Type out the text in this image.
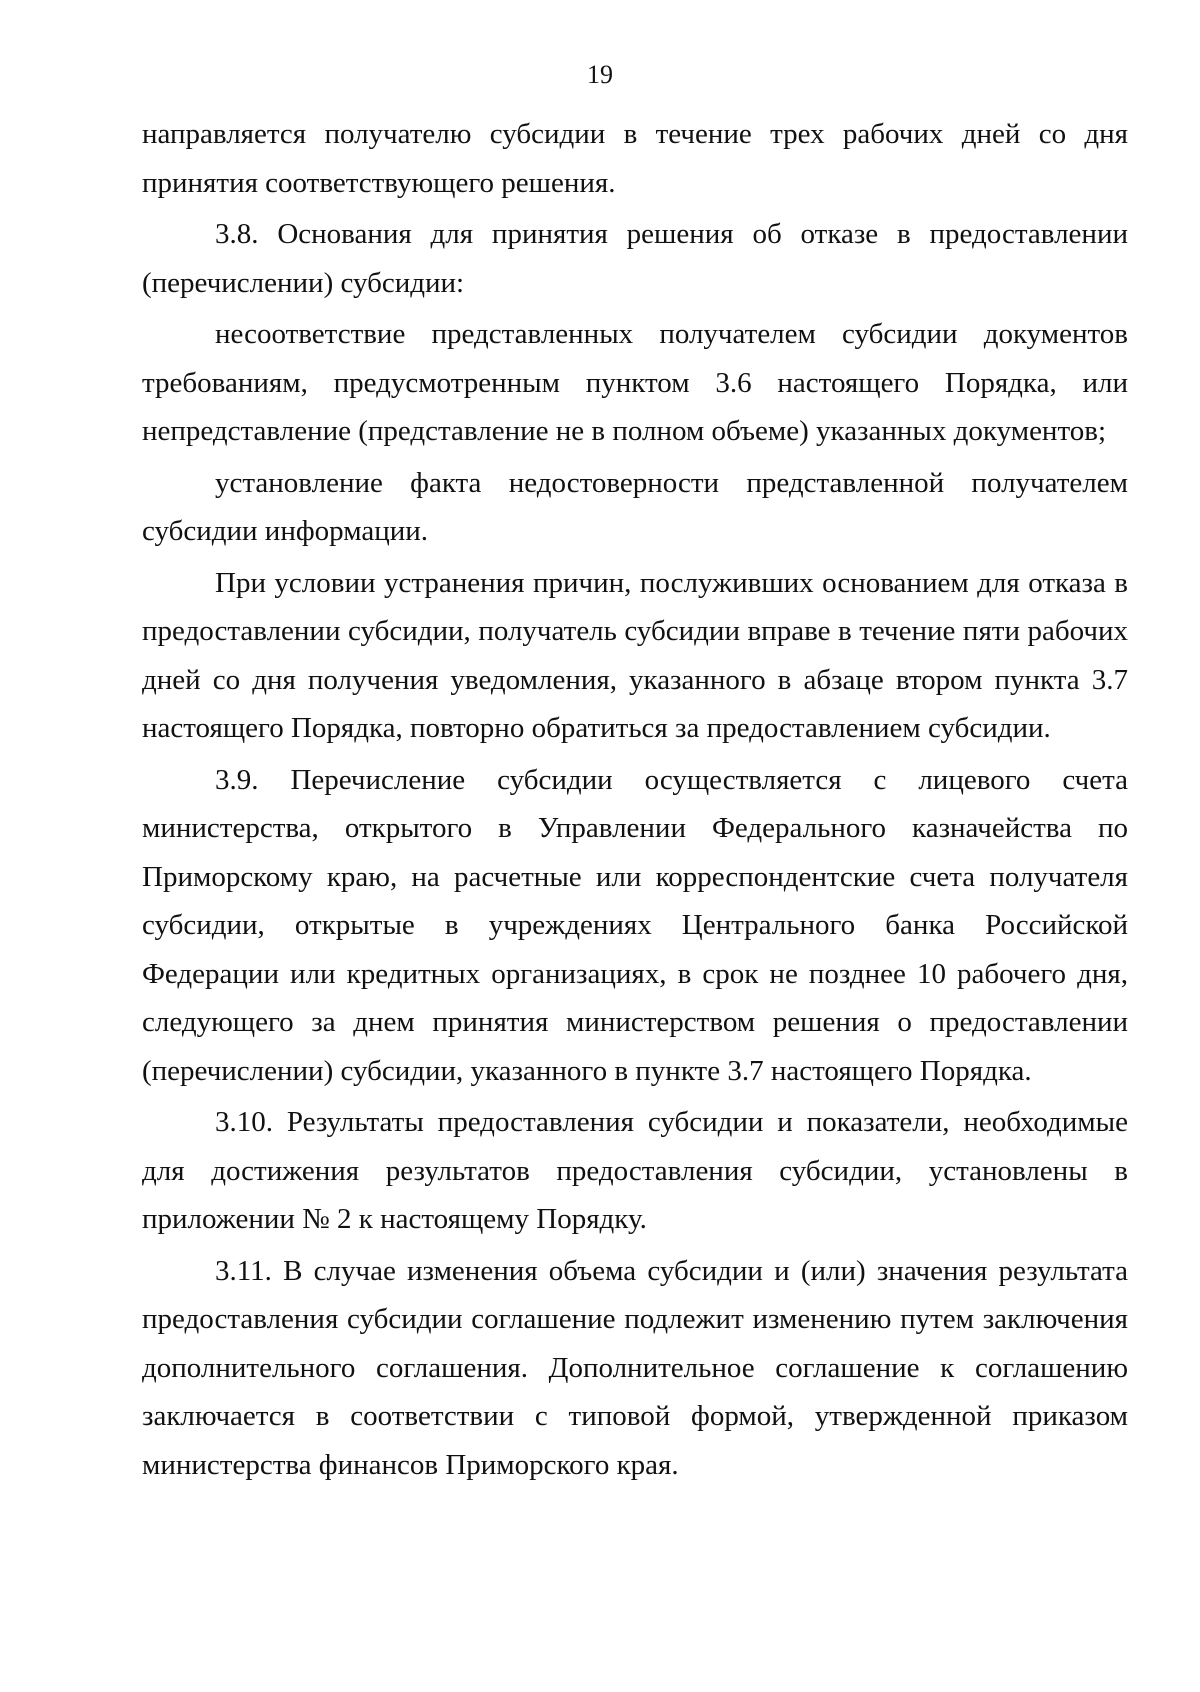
19

направляется получателю субсидии в течение трех рабочих дней со дня принятия соответствующего решения.

3.8. Основания для принятия решения об отказе в предоставлении (перечислении) субсидии:

несоответствие представленных получателем субсидии документов требованиям, предусмотренным пунктом 3.6 настоящего Порядка, или непредставление (представление не в полном объеме) указанных документов;

установление факта недостоверности представленной получателем субсидии информации.

При условии устранения причин, послуживших основанием для отказа в предоставлении субсидии, получатель субсидии вправе в течение пяти рабочих дней со дня получения уведомления, указанного в абзаце втором пункта 3.7 настоящего Порядка, повторно обратиться за предоставлением субсидии.

3.9. Перечисление субсидии осуществляется с лицевого счета министерства, открытого в Управлении Федерального казначейства по Приморскому краю, на расчетные или корреспондентские счета получателя субсидии, открытые в учреждениях Центрального банка Российской Федерации или кредитных организациях, в срок не позднее 10 рабочего дня, следующего за днем принятия министерством решения о предоставлении (перечислении) субсидии, указанного в пункте 3.7 настоящего Порядка.

3.10. Результаты предоставления субсидии и показатели, необходимые для достижения результатов предоставления субсидии, установлены в приложении № 2 к настоящему Порядку.

3.11. В случае изменения объема субсидии и (или) значения результата предоставления субсидии соглашение подлежит изменению путем заключения дополнительного соглашения. Дополнительное соглашение к соглашению заключается в соответствии с типовой формой, утвержденной приказом министерства финансов Приморского края.
